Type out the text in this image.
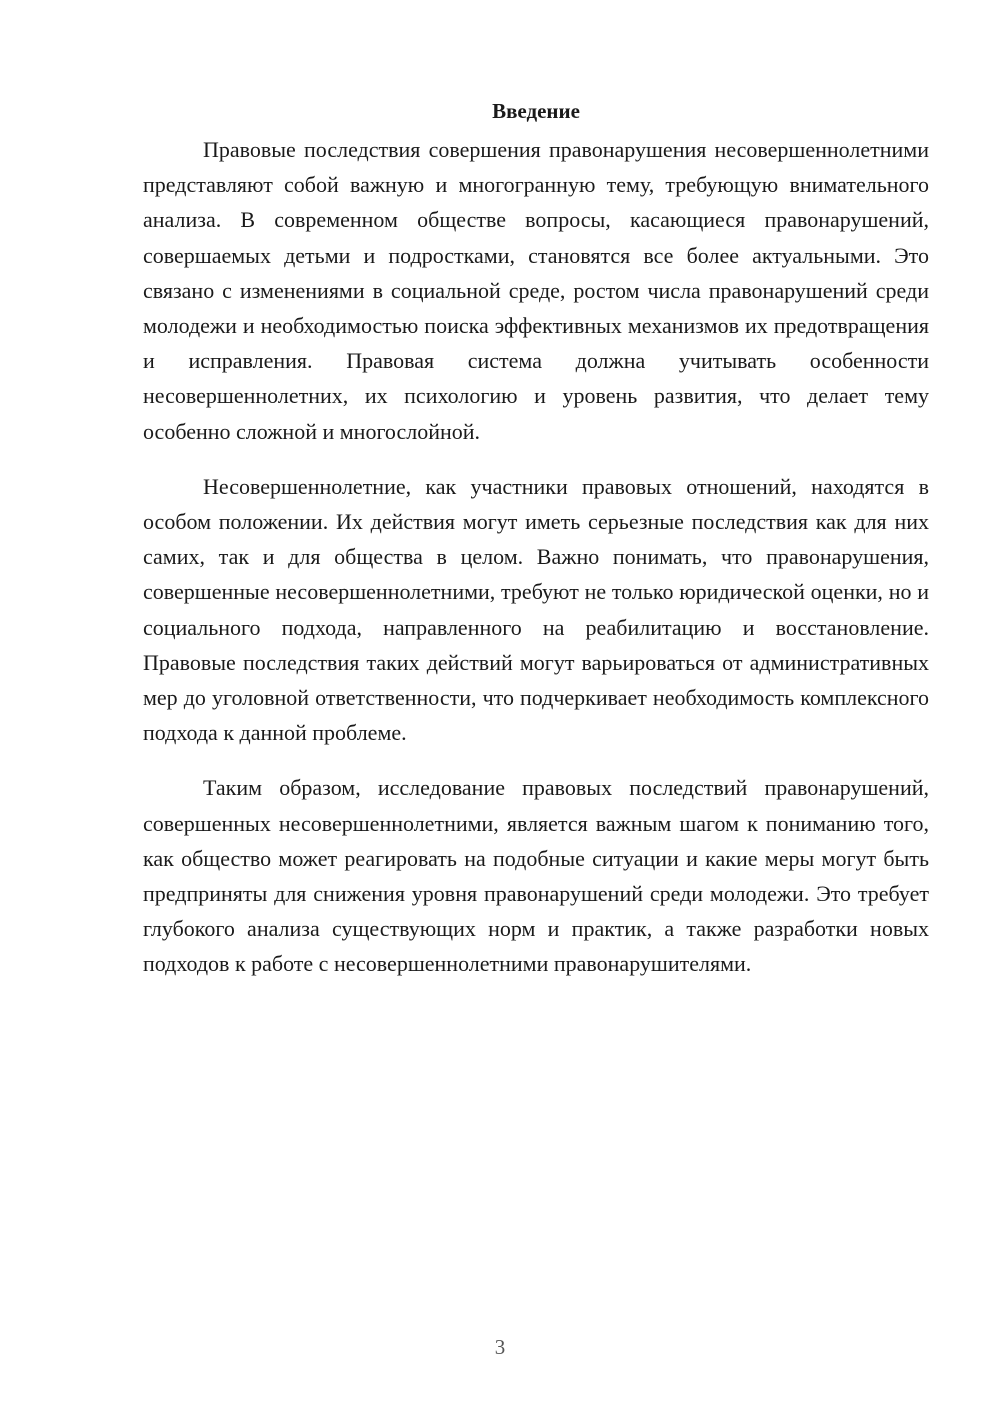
Введение

Правовые последствия совершения правонарушения несовершеннолетними представляют собой важную и многогранную тему, требующую внимательного анализа. В современном обществе вопросы, касающиеся правонарушений, совершаемых детьми и подростками, становятся все более актуальными. Это связано с изменениями в социальной среде, ростом числа правонарушений среди молодежи и необходимостью поиска эффективных механизмов их предотвращения и исправления. Правовая система должна учитывать особенности несовершеннолетних, их психологию и уровень развития, что делает тему особенно сложной и многослойной.

Несовершеннолетние, как участники правовых отношений, находятся в особом положении. Их действия могут иметь серьезные последствия как для них самих, так и для общества в целом. Важно понимать, что правонарушения, совершенные несовершеннолетними, требуют не только юридической оценки, но и социального подхода, направленного на реабилитацию и восстановление. Правовые последствия таких действий могут варьироваться от административных мер до уголовной ответственности, что подчеркивает необходимость комплексного подхода к данной проблеме.

Таким образом, исследование правовых последствий правонарушений, совершенных несовершеннолетними, является важным шагом к пониманию того, как общество может реагировать на подобные ситуации и какие меры могут быть предприняты для снижения уровня правонарушений среди молодежи. Это требует глубокого анализа существующих норм и практик, а также разработки новых подходов к работе с несовершеннолетними правонарушителями.

3
